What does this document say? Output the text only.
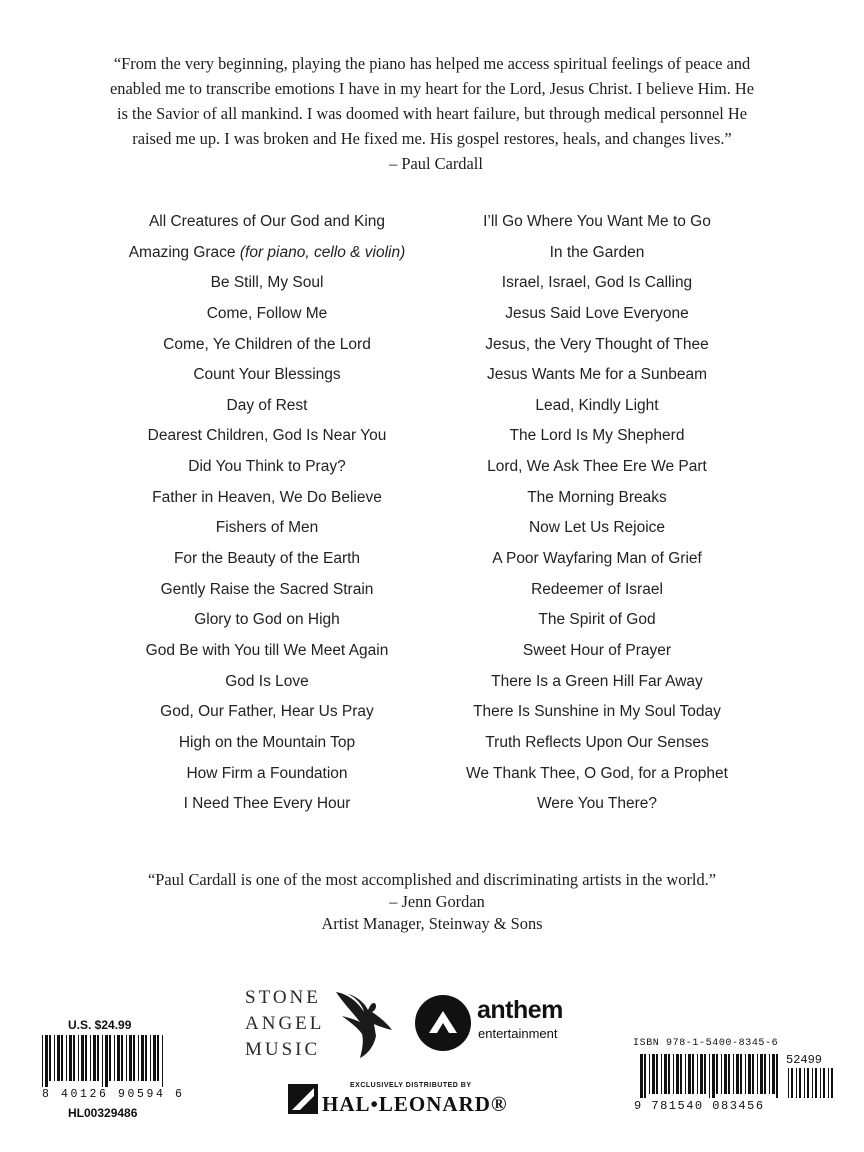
“From the very beginning, playing the piano has helped me access spiritual feelings of peace and

enabled me to transcribe emotions I have in my heart for the Lord, Jesus Christ. I believe Him. He

is the Savior of all mankind. I was doomed with heart failure, but through medical personnel He

raised me up. I was broken and He fixed me. His gospel restores, heals, and changes lives.”

– Paul Cardall

All Creatures of Our God and King
Amazing Grace (for piano, cello & violin)
Be Still, My Soul
Come, Follow Me
Come, Ye Children of the Lord
Count Your Blessings
Day of Rest
Dearest Children, God Is Near You
Did You Think to Pray?
Father in Heaven, We Do Believe
Fishers of Men
For the Beauty of the Earth
Gently Raise the Sacred Strain
Glory to God on High
God Be with You till We Meet Again
God Is Love
God, Our Father, Hear Us Pray
High on the Mountain Top
How Firm a Foundation
I Need Thee Every Hour
I’ll Go Where You Want Me to Go
In the Garden
Israel, Israel, God Is Calling
Jesus Said Love Everyone
Jesus, the Very Thought of Thee
Jesus Wants Me for a Sunbeam
Lead, Kindly Light
The Lord Is My Shepherd
Lord, We Ask Thee Ere We Part
The Morning Breaks
Now Let Us Rejoice
A Poor Wayfaring Man of Grief
Redeemer of Israel
The Spirit of God
Sweet Hour of Prayer
There Is a Green Hill Far Away
There Is Sunshine in My Soul Today
Truth Reflects Upon Our Senses
We Thank Thee, O God, for a Prophet
Were You There?

“Paul Cardall is one of the most accomplished and discriminating artists in the world.”

– Jenn Gordan

Artist Manager, Steinway & Sons

STONE
ANGEL
MUSIC
anthem
entertainment
EXCLUSIVELY DISTRIBUTED BY
HAL•LEONARD®
U.S. $24.99
8 40126 90594 6
HL00329486
ISBN 978-1-5400-8345-6
52499
9 781540 083456
